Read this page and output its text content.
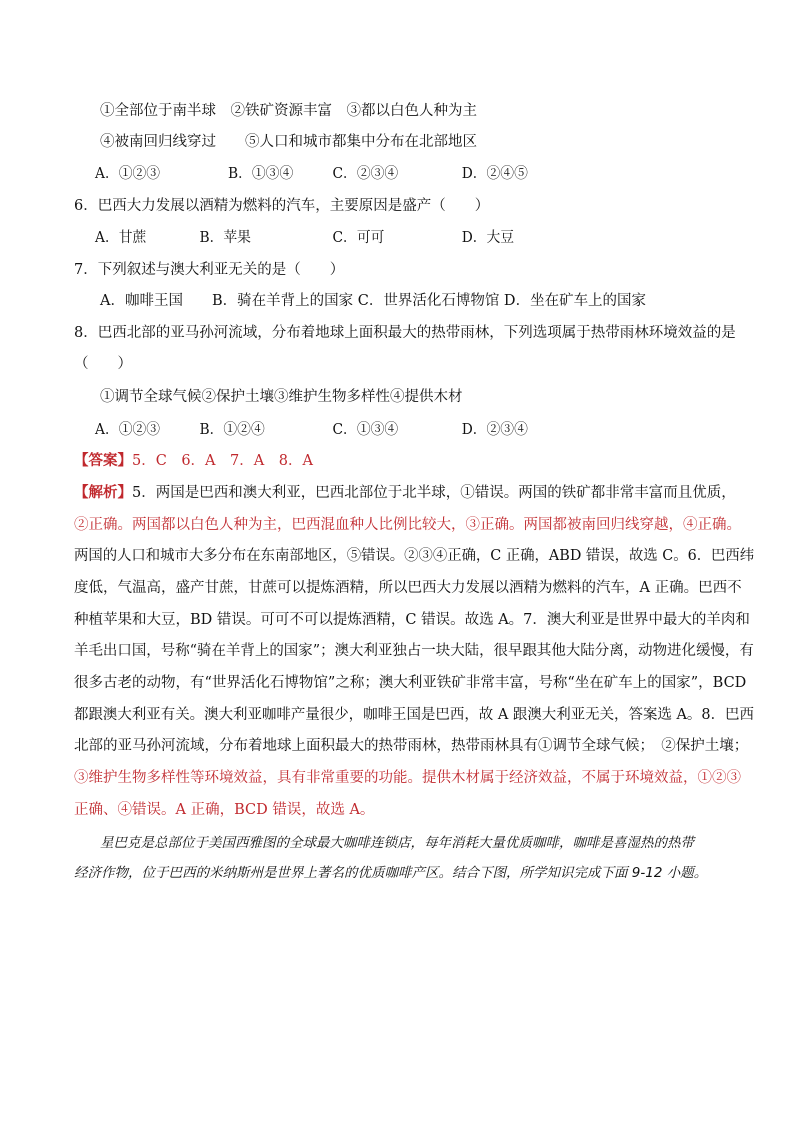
①全部位于南半球　②铁矿资源丰富　③都以白色人种为主
④被南回归线穿过　　⑤人口和城市都集中分布在北部地区
A．①②③	B．①③④	C．②③④	D．②④⑤
6．巴西大力发展以酒精为燃料的汽车，主要原因是盛产（　　）
A．甘蔗	B．苹果	C．可可	D．大豆
7．下列叙述与澳大利亚无关的是（　　）
A．咖啡王国　　B．骑在羊背上的国家 C．世界活化石博物馆 D．坐在矿车上的国家
8．巴西北部的亚马孙河流域，分布着地球上面积最大的热带雨林，下列选项属于热带雨林环境效益的是
（　　）
①调节全球气候②保护土壤③维护生物多样性④提供木材
A．①②③	B．①②④	C．①③④	D．②③④
【答案】5．C　6．A　7．A　8．A
【解析】5．两国是巴西和澳大利亚，巴西北部位于北半球，①错误。两国的铁矿都非常丰富而且优质，
②正确。两国都以白色人种为主，巴西混血种人比例比较大，③正确。两国都被南回归线穿越，④正确。
两国的人口和城市大多分布在东南部地区，⑤错误。②③④正确，C 正确，ABD 错误，故选 C。6．巴西纬
度低，气温高，盛产甘蔗，甘蔗可以提炼酒精，所以巴西大力发展以酒精为燃料的汽车，A 正确。巴西不
种植苹果和大豆，BD 错误。可可不可以提炼酒精，C 错误。故选 A。7．澳大利亚是世界中最大的羊肉和
羊毛出口国，号称“骑在羊背上的国家”；澳大利亚独占一块大陆，很早跟其他大陆分离，动物进化缓慢，有
很多古老的动物，有“世界活化石博物馆”之称；澳大利亚铁矿非常丰富，号称“坐在矿车上的国家”，BCD
都跟澳大利亚有关。澳大利亚咖啡产量很少，咖啡王国是巴西，故 A 跟澳大利亚无关，答案选 A。8．巴西
北部的亚马孙河流域，分布着地球上面积最大的热带雨林，热带雨林具有①调节全球气候；　②保护土壤；
③维护生物多样性等环境效益，具有非常重要的功能。提供木材属于经济效益，不属于环境效益，①②③
正确、④错误。A 正确，BCD 错误，故选 A。
星巴克是总部位于美国西雅图的全球最大咖啡连锁店，每年消耗大量优质咖啡，咖啡是喜湿热的热带
经济作物，位于巴西的米纳斯州是世界上著名的优质咖啡产区。结合下图，所学知识完成下面 9-12 小题。
